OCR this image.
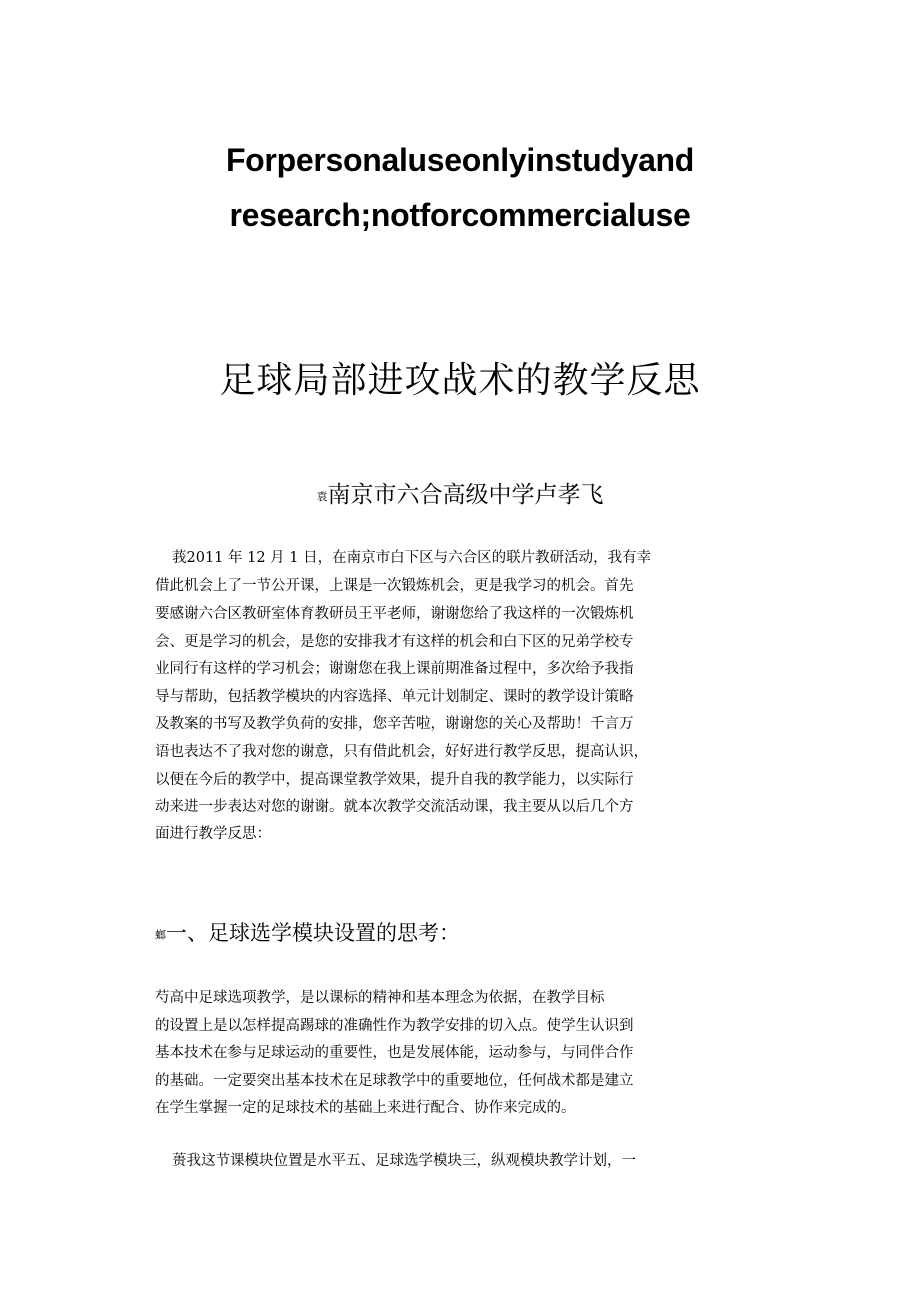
Forpersonaluseonlyinstudyand
research;notforcommercialuse
足球局部进攻战术的教学反思
袁南京市六合高级中学卢孝飞
莪2011 年 12 月 1 日，在南京市白下区与六合区的联片教研活动，我有幸
借此机会上了一节公开课，上课是一次锻炼机会，更是我学习的机会。首先
要感谢六合区教研室体育教研员王平老师，谢谢您给了我这样的一次锻炼机
会、更是学习的机会，是您的安排我才有这样的机会和白下区的兄弟学校专
业同行有这样的学习机会；谢谢您在我上课前期准备过程中，多次给予我指
导与帮助，包括教学模块的内容选择、单元计划制定、课时的教学设计策略
及教案的书写及教学负荷的安排，您辛苦啦，谢谢您的关心及帮助！千言万
语也表达不了我对您的谢意，只有借此机会，好好进行教学反思，提高认识，
以便在今后的教学中，提高课堂教学效果，提升自我的教学能力，以实际行
动来进一步表达对您的谢谢。就本次教学交流活动课，我主要从以后几个方
面进行教学反思：
螂一、足球选学模块设置的思考：
芍高中足球选项教学，是以课标的精神和基本理念为依据，在教学目标
的设置上是以怎样提高踢球的准确性作为教学安排的切入点。使学生认识到
基本技术在参与足球运动的重要性，也是发展体能，运动参与，与同伴合作
的基础。一定要突出基本技术在足球教学中的重要地位，任何战术都是建立
在学生掌握一定的足球技术的基础上来进行配合、协作来完成的。
蒉我这节课模块位置是水平五、足球选学模块三，纵观模块教学计划，一
